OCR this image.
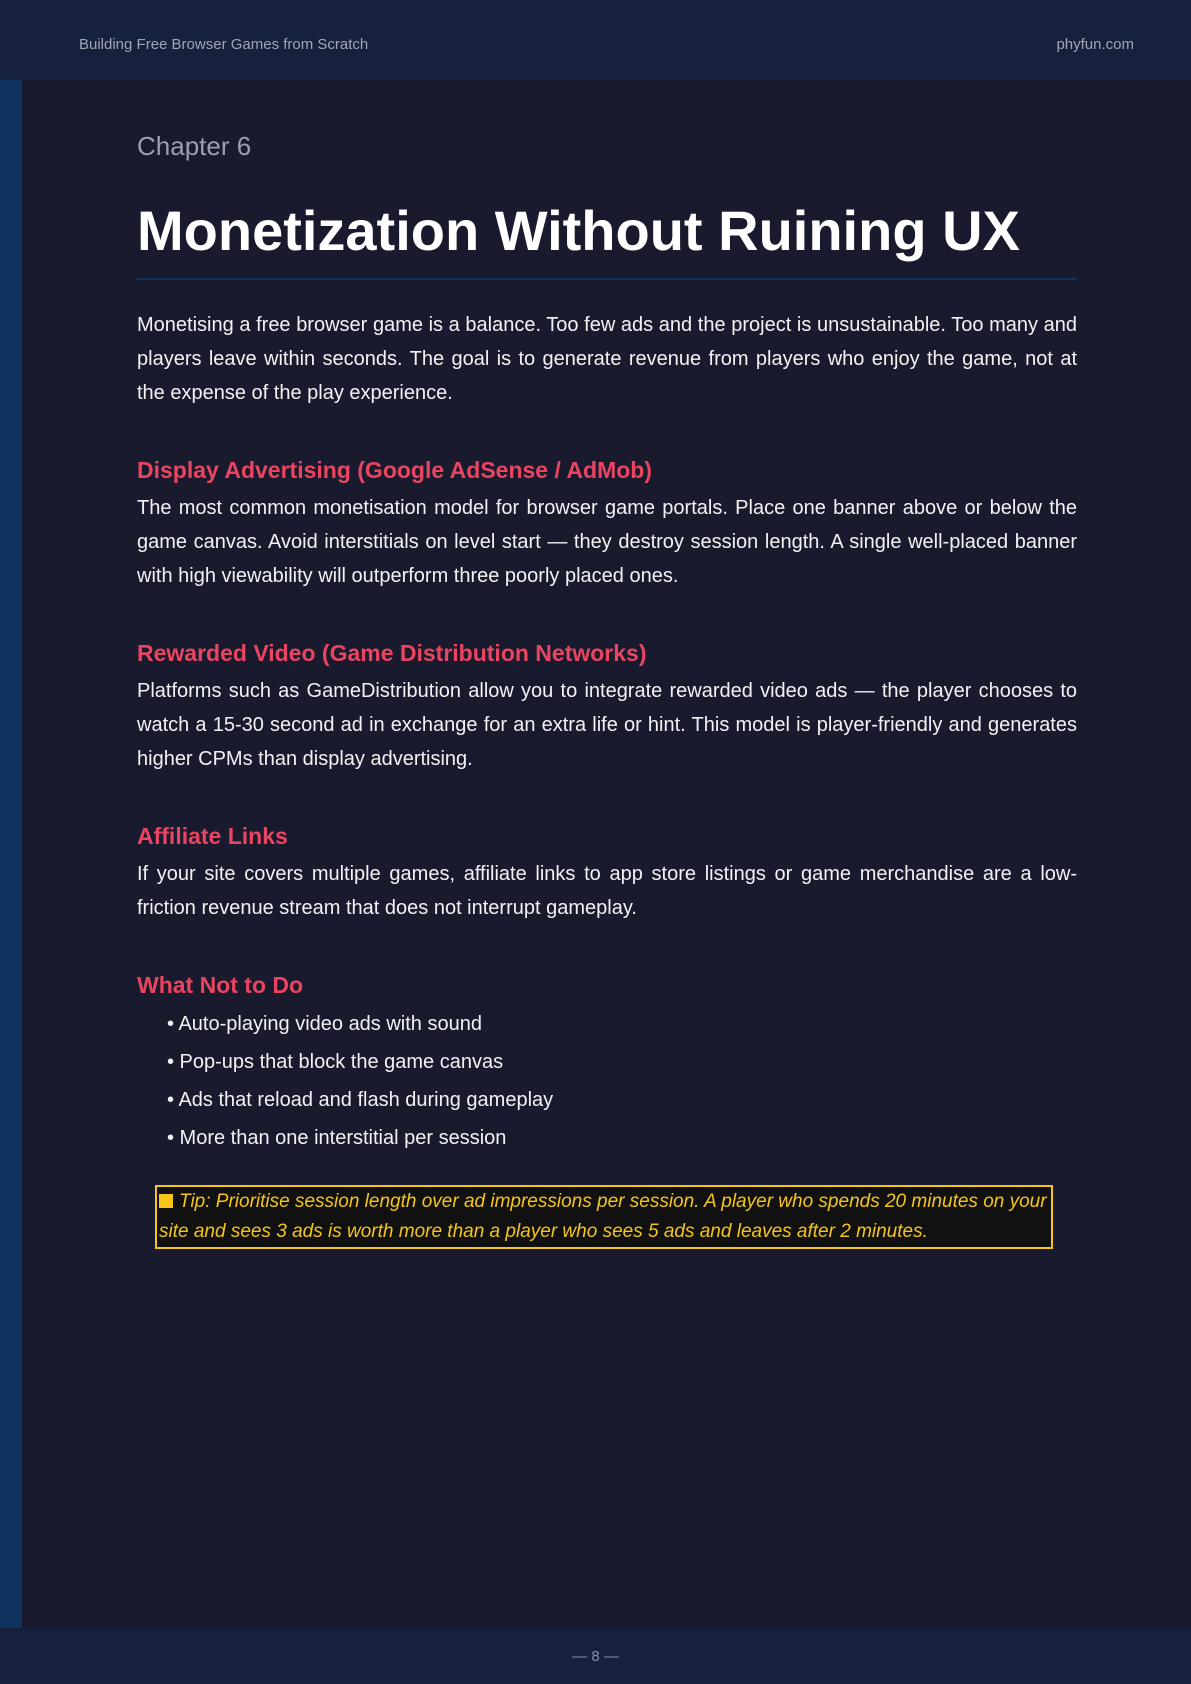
Building Free Browser Games from Scratch	phyfun.com
Chapter 6
Monetization Without Ruining UX

Monetising a free browser game is a balance. Too few ads and the project is unsustainable. Too many and players leave within seconds. The goal is to generate revenue from players who enjoy the game, not at the expense of the play experience.

Display Advertising (Google AdSense / AdMob)

The most common monetisation model for browser game portals. Place one banner above or below the game canvas. Avoid interstitials on level start — they destroy session length. A single well-placed banner with high viewability will outperform three poorly placed ones.

Rewarded Video (Game Distribution Networks)

Platforms such as GameDistribution allow you to integrate rewarded video ads — the player chooses to watch a 15-30 second ad in exchange for an extra life or hint. This model is player-friendly and generates higher CPMs than display advertising.

Affiliate Links

If your site covers multiple games, affiliate links to app store listings or game merchandise are a low-friction revenue stream that does not interrupt gameplay.

What Not to Do
• Auto-playing video ads with sound
• Pop-ups that block the game canvas
• Ads that reload and flash during gameplay
• More than one interstitial per session
Tip: Prioritise session length over ad impressions per session. A player who spends 20 minutes on your site and sees 3 ads is worth more than a player who sees 5 ads and leaves after 2 minutes.
— 8 —
